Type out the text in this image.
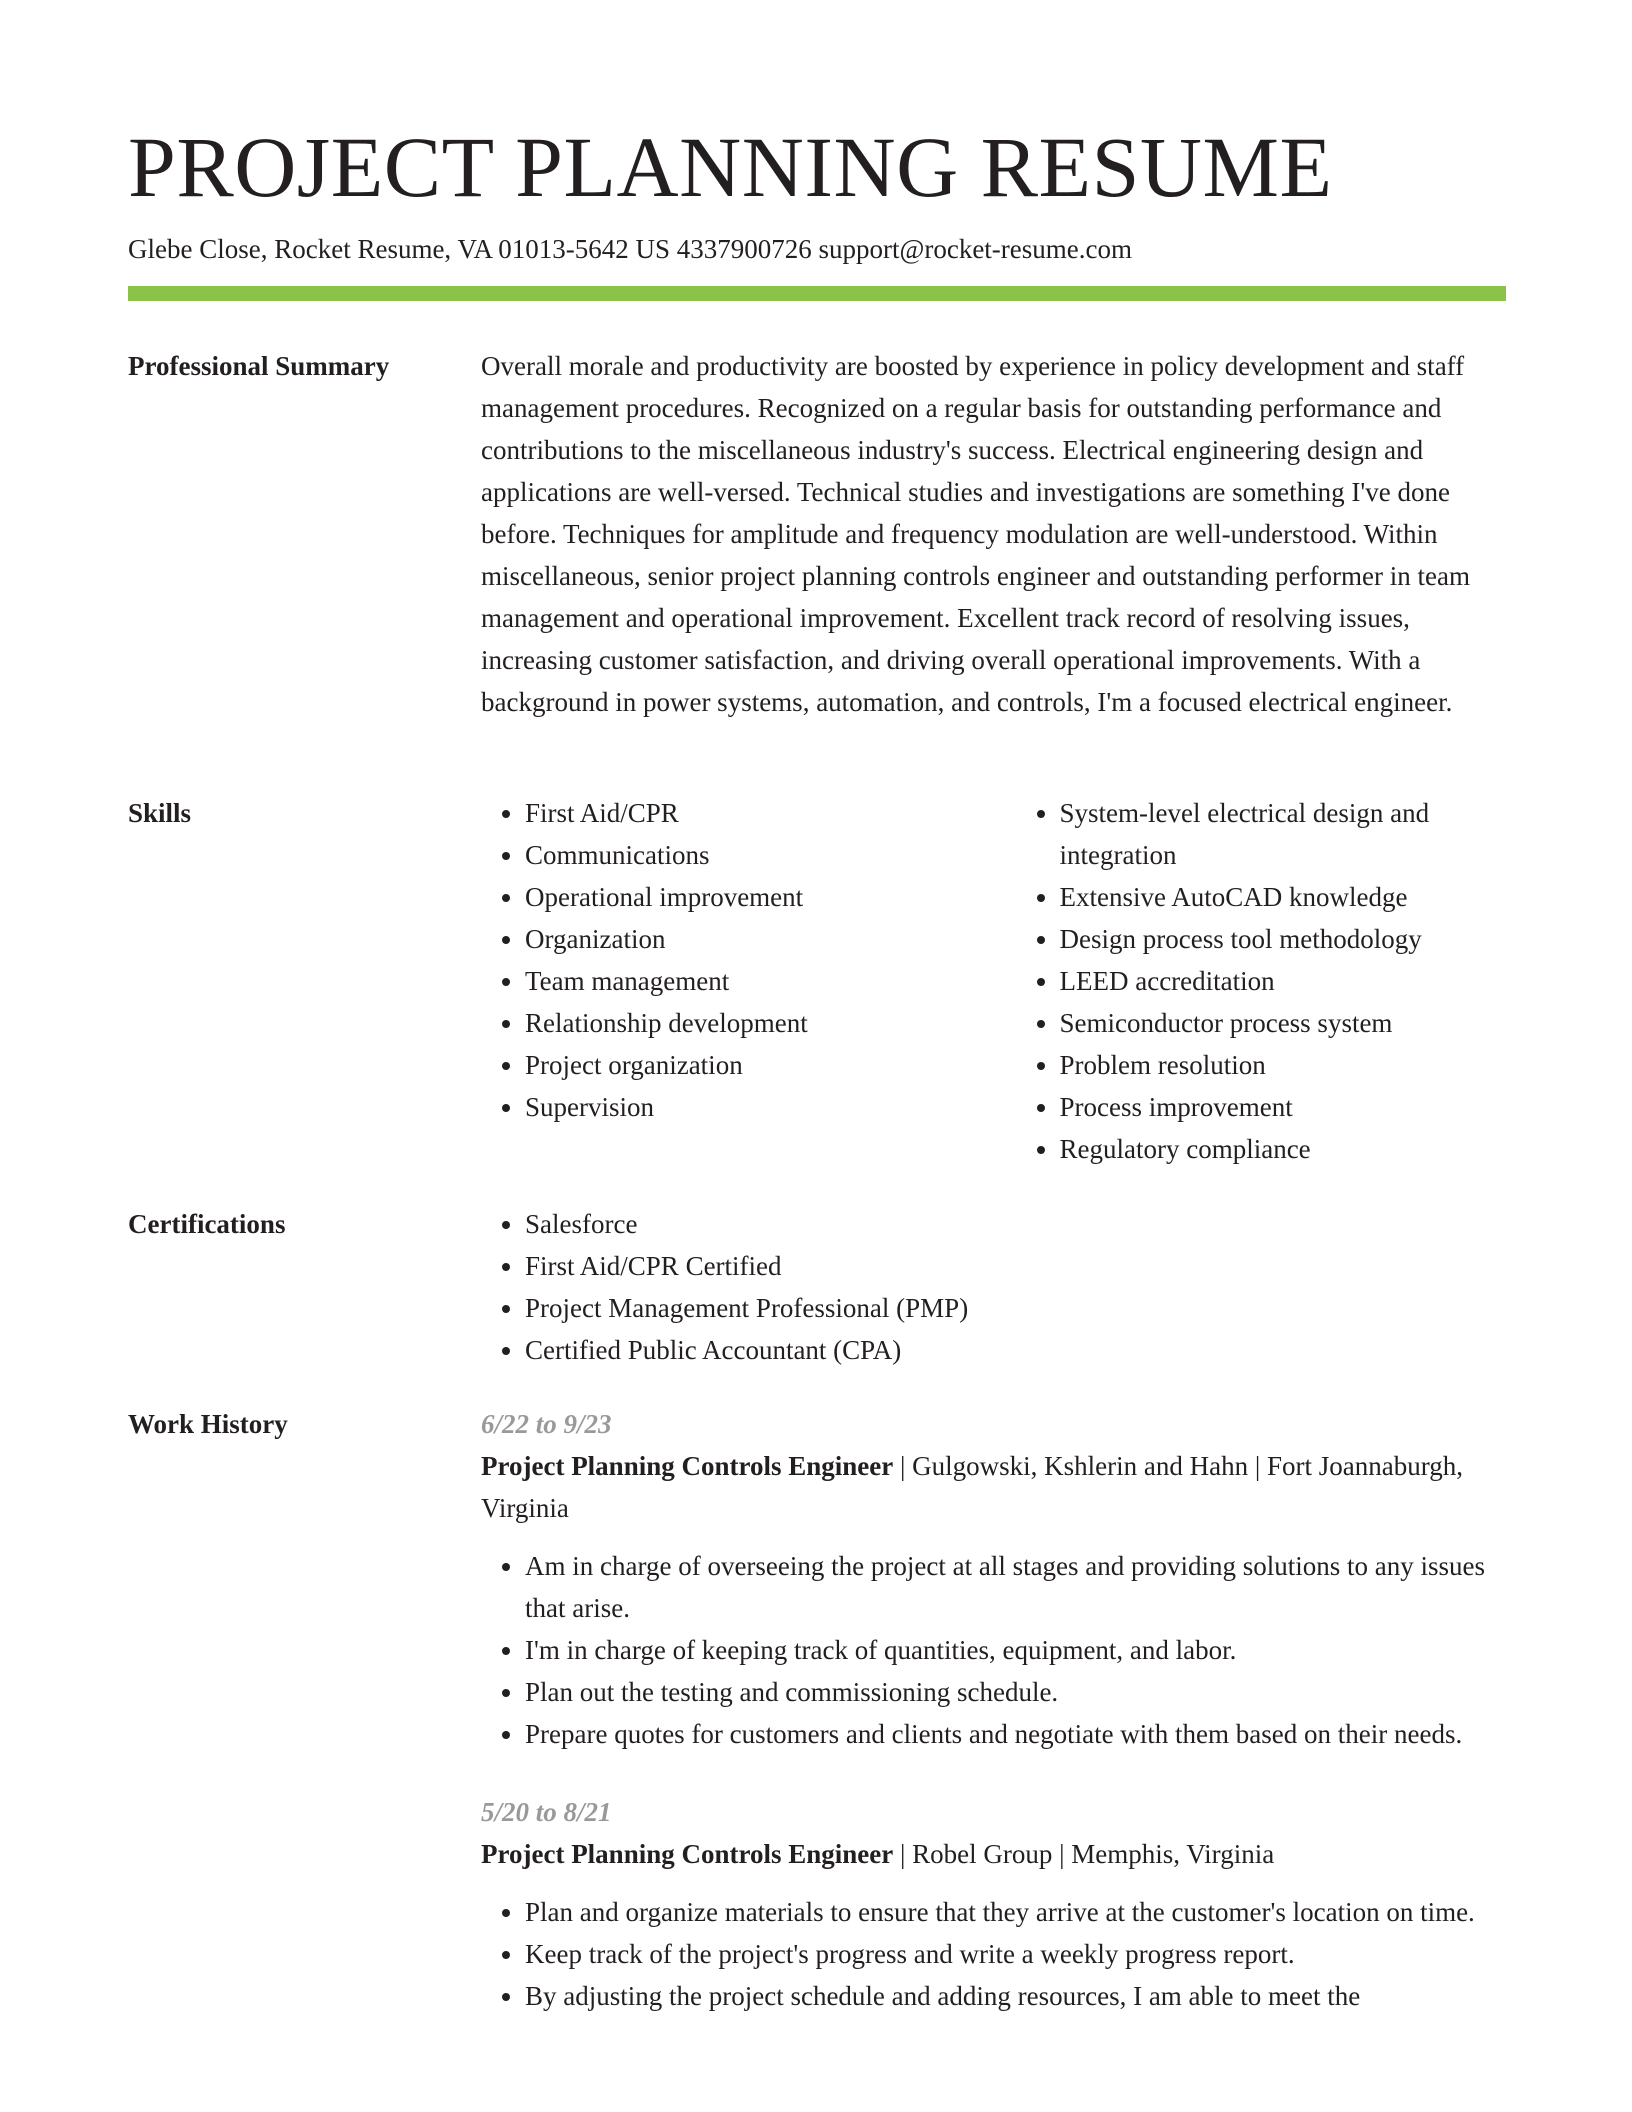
PROJECT PLANNING RESUME
Glebe Close, Rocket Resume, VA 01013-5642 US 4337900726 support@rocket-resume.com
Professional Summary	Overall morale and productivity are boosted by experience in policy development and staff management procedures. Recognized on a regular basis for outstanding performance and contributions to the miscellaneous industry's success. Electrical engineering design and applications are well-versed. Technical studies and investigations are something I've done before. Techniques for amplitude and frequency modulation are well-understood. Within miscellaneous, senior project planning controls engineer and outstanding performer in team management and operational improvement. Excellent track record of resolving issues, increasing customer satisfaction, and driving overall operational improvements. With a background in power systems, automation, and controls, I'm a focused electrical engineer.

Skills	• First Aid/CPR
• Communications
• Operational improvement
• Organization
• Team management
• Relationship development
• Project organization
• Supervision
• System-level electrical design and integration
• Extensive AutoCAD knowledge
• Design process tool methodology
• LEED accreditation
• Semiconductor process system
• Problem resolution
• Process improvement
• Regulatory compliance
Certifications	• Salesforce
• First Aid/CPR Certified
• Project Management Professional (PMP)
• Certified Public Accountant (CPA)
Work History	6/22 to 9/23
Project Planning Controls Engineer | Gulgowski, Kshlerin and Hahn | Fort Joannaburgh, Virginia
• Am in charge of overseeing the project at all stages and providing solutions to any issues that arise.
• I'm in charge of keeping track of quantities, equipment, and labor.
• Plan out the testing and commissioning schedule.
• Prepare quotes for customers and clients and negotiate with them based on their needs.
5/20 to 8/21
Project Planning Controls Engineer | Robel Group | Memphis, Virginia
• Plan and organize materials to ensure that they arrive at the customer's location on time.
• Keep track of the project's progress and write a weekly progress report.
• By adjusting the project schedule and adding resources, I am able to meet the
